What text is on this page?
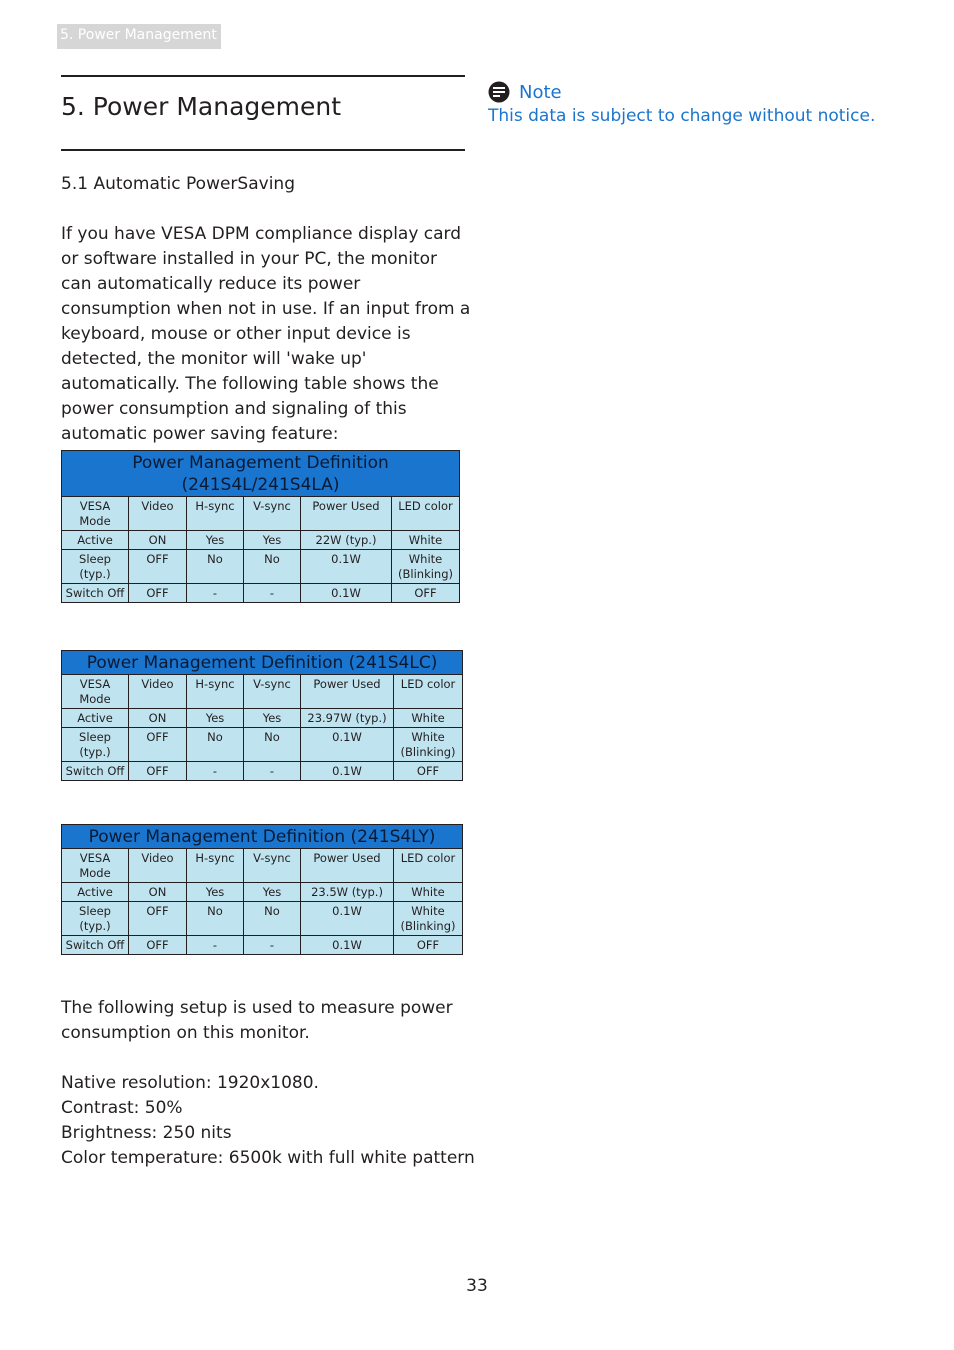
5. Power Management
5. Power Management
5.1 Automatic PowerSaving

If you have VESA DPM compliance display card or software installed in your PC, the monitor can automatically reduce its power consumption when not in use. If an input from a keyboard, mouse or other input device is detected, the monitor will 'wake up' automatically. The following table shows the power consumption and signaling of this automatic power saving feature:

Power Management Definition (241S4L/241S4LA)					
VESA Mode	Video	H-sync	V-sync	Power Used	LED color
Active	ON	Yes	Yes	22W (typ.)	White
Sleep (typ.)	OFF	No	No	0.1W	White (Blinking)
Switch Off	OFF	-	-	0.1W	OFF
Power Management Definition (241S4LC)					
VESA Mode	Video	H-sync	V-sync	Power Used	LED color
Active	ON	Yes	Yes	23.97W (typ.)	White
Sleep (typ.)	OFF	No	No	0.1W	White (Blinking)
Switch Off	OFF	-	-	0.1W	OFF
Power Management Definition (241S4LY)					
VESA Mode	Video	H-sync	V-sync	Power Used	LED color
Active	ON	Yes	Yes	23.5W (typ.)	White
Sleep (typ.)	OFF	No	No	0.1W	White (Blinking)
Switch Off	OFF	-	-	0.1W	OFF
The following setup is used to measure power consumption on this monitor.

Native resolution: 1920x1080.
Contrast: 50%
Brightness: 250 nits
Color temperature: 6500k with full white pattern
Note
This data is subject to change without notice.
33
